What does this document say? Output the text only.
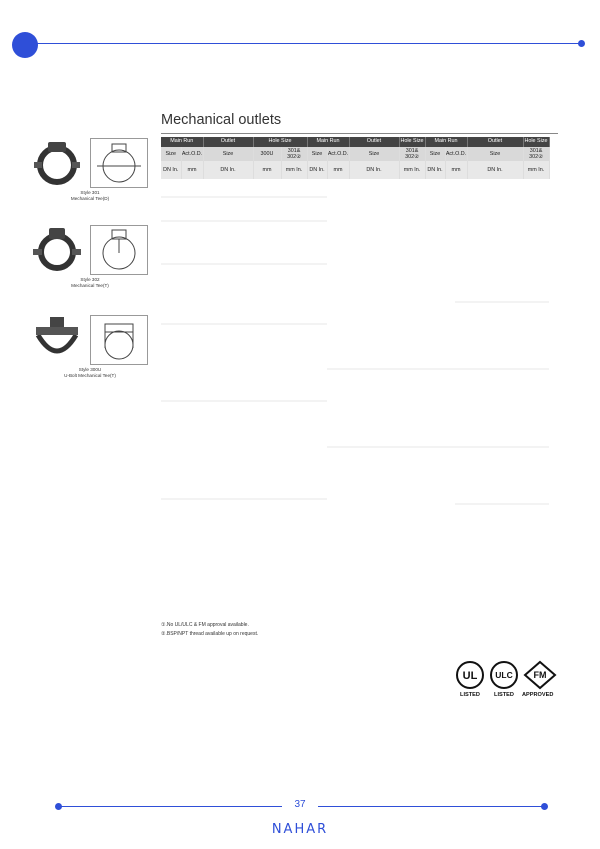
Mechanical outlets
Style 301
Mechanical Tee(D)
Style 302
Mechanical Tee(T)
Style 300U
U-Bolt Mechanical Tee(T)
Main Run		Outlet	Hole Size		Main Run		Outlet	Hole Size	Main Run		Outlet	Hole Size
Size	Act.O.D.	Size	300U	301& 302②	Size	Act.O.D.	Size	301& 302②	Size	Act.O.D.	Size	301& 302②
DN In.	mm	DN In.	mm	mm In.	DN In.	mm	DN In.	mm In.	DN In.	mm	DN In.	mm In.

①.No UL/ULC & FM approval available.
②.BSP/NPT thread available up on request.
UL
LISTED
ULC
LISTED
FM
APPROVED
37
NAHAR
